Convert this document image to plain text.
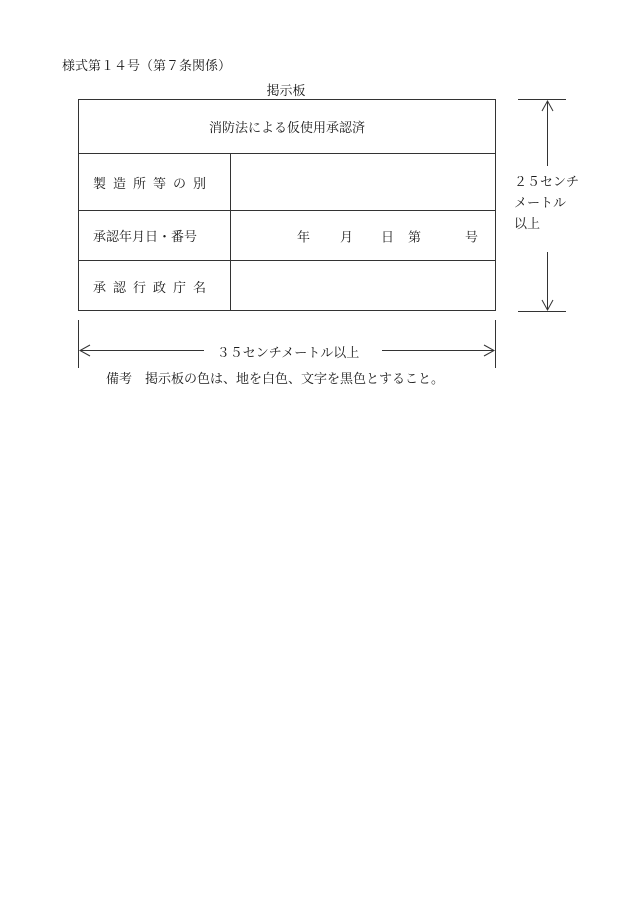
様式第１４号（第７条関係）
掲示板
消防法による仮使用承認済
製造所等の別
承認年月日・番号	年 月 日 第	号
承認行政庁名
２５センチ
メートル
以上
３５センチメートル以上
備考　掲示板の色は、地を白色、文字を黒色とすること。
